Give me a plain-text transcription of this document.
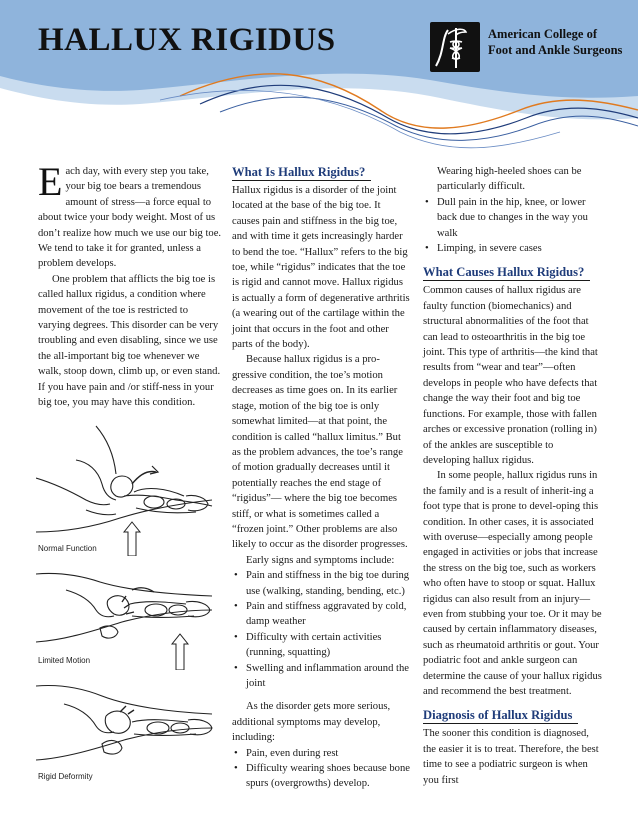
HALLUX RIGIDUS	American College of
Foot and Ankle Surgeons

Each day, with every step you take, your big toe bears a tremendous amount of stress—a force equal to about twice your body weight. Most of us don’t realize how much we use our big toe. We tend to take it for granted, unless a problem develops.

One problem that afflicts the big toe is called hallux rigidus, a condition where movement of the toe is restricted to varying degrees. This disorder can be very troubling and even disabling, since we use the all-important big toe whenever we walk, stoop down, climb up, or even stand. If you have pain and /or stiff-ness in your big toe, you may have this condition.

Normal Function
Limited Motion
Rigid Deformity
What Is Hallux Rigidus?

Hallux rigidus is a disorder of the joint located at the base of the big toe. It causes pain and stiffness in the big toe, and with time it gets increasingly harder to bend the toe. “Hallux” refers to the big toe, while “rigidus” indicates that the toe is rigid and cannot move. Hallux rigidus is actually a form of degenerative arthritis (a wearing out of the cartilage within the joint that occurs in the foot and other parts of the body).

Because hallux rigidus is a pro-gressive condition, the toe’s motion decreases as time goes on. In its earlier stage, motion of the big toe is only somewhat limited—at that point, the condition is called “hallux limitus.” But as the problem advances, the toe’s range of motion gradually decreases until it potentially reaches the end stage of “rigidus”— where the big toe becomes stiff, or what is sometimes called a “frozen joint.” Other problems are also likely to occur as the disorder progresses.

Early signs and symptoms include:

• Pain and stiffness in the big toe during use (walking, standing, bending, etc.)
• Pain and stiffness aggravated by cold, damp weather
• Difficulty with certain activities (running, squatting)
• Swelling and inflammation around the joint

As the disorder gets more serious, additional symptoms may develop, including:

• Pain, even during rest
• Difficulty wearing shoes because bone spurs (overgrowths) develop.

Wearing high-heeled shoes can be particularly difficult.

• Dull pain in the hip, knee, or lower back due to changes in the way you walk
• Limping, in severe cases
What Causes Hallux Rigidus?

Common causes of hallux rigidus are faulty function (biomechanics) and structural abnormalities of the foot that can lead to osteoarthritis in the big toe joint. This type of arthritis—the kind that results from “wear and tear”—often develops in people who have defects that change the way their foot and big toe functions. For example, those with fallen arches or excessive pronation (rolling in) of the ankles are susceptible to developing hallux rigidus.

In some people, hallux rigidus runs in the family and is a result of inherit-ing a foot type that is prone to devel-oping this condition. In other cases, it is associated with overuse—especially among people engaged in activities or jobs that increase the stress on the big toe, such as workers who often have to stoop or squat. Hallux rigidus can also result from an injury—even from stubbing your toe. Or it may be caused by certain inflammatory diseases, such as rheumatoid arthritis or gout. Your podiatric foot and ankle surgeon can determine the cause of your hallux rigidus and recommend the best treatment.

Diagnosis of Hallux Rigidus

The sooner this condition is diagnosed, the easier it is to treat. Therefore, the best time to see a podiatric surgeon is when you first
